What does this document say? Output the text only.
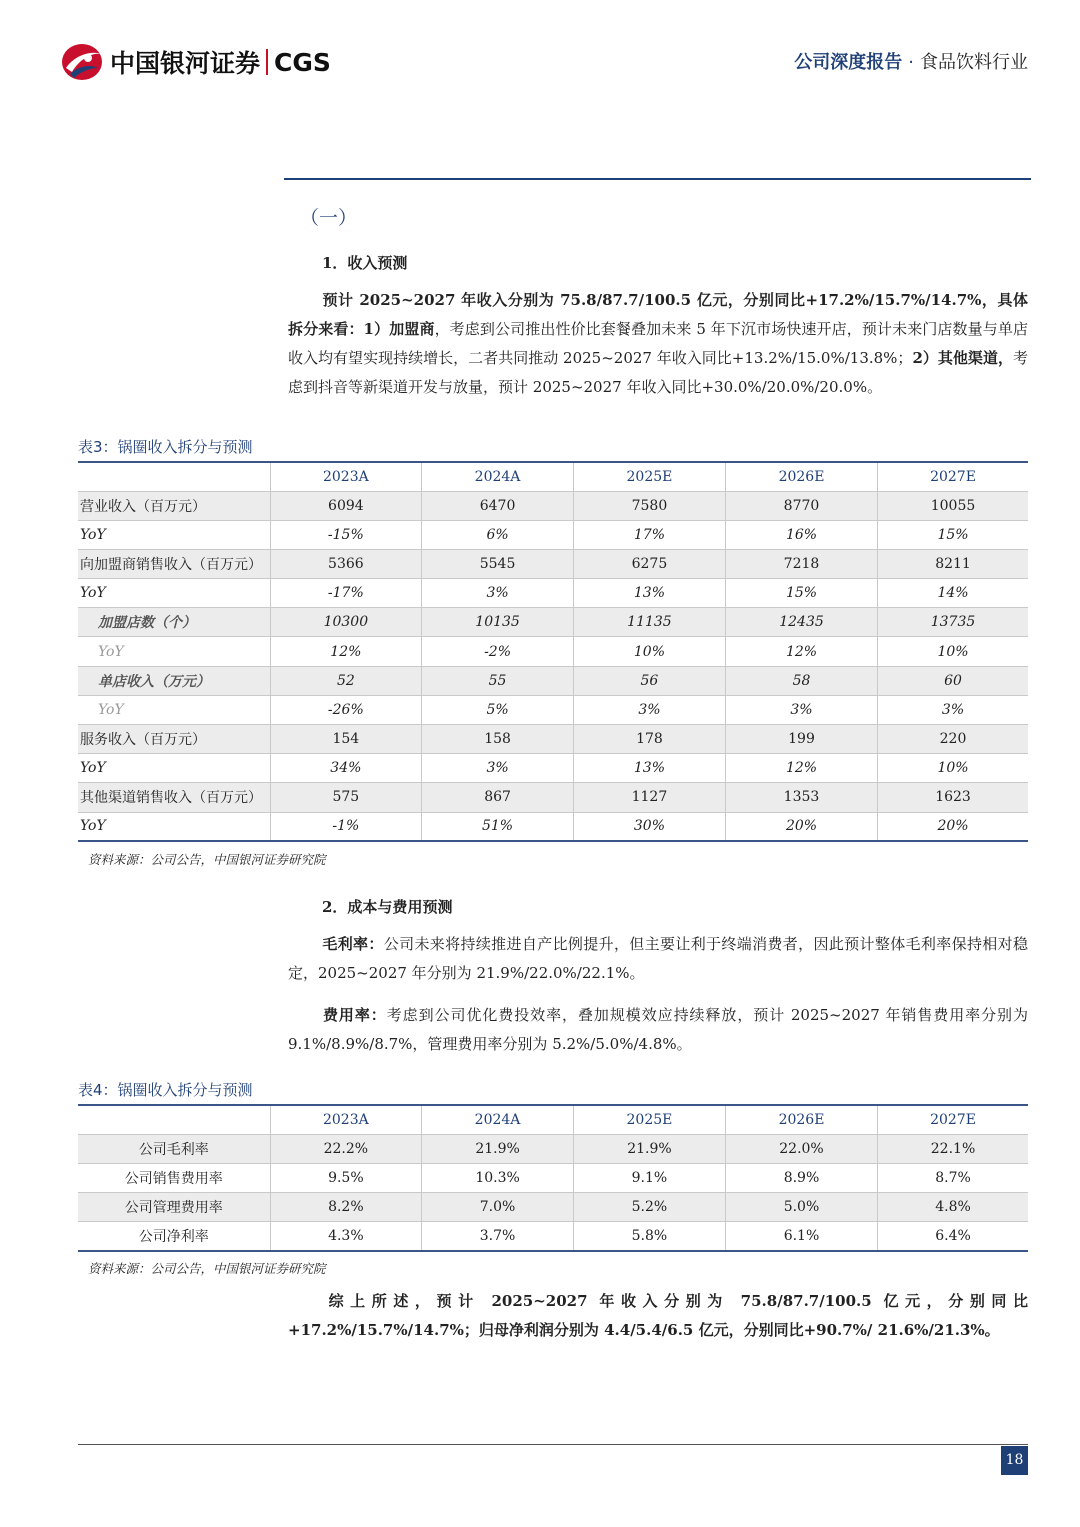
中国银河证券 CGS	公司深度报告 · 食品饮料行业
（一）
1．收入预测
预计 2025~2027 年收入分别为 75.8/87.7/100.5 亿元，分别同比+17.2%/15.7%/14.7%，具体拆分来看：1）加盟商，考虑到公司推出性价比套餐叠加未来 5 年下沉市场快速开店，预计未来门店数量与单店收入均有望实现持续增长，二者共同推动 2025~2027 年收入同比+13.2%/15.0%/13.8%；2）其他渠道，考虑到抖音等新渠道开发与放量，预计 2025~2027 年收入同比+30.0%/20.0%/20.0%。
表3：锅圈收入拆分与预测
	2023A	2024A	2025E	2026E	2027E
营业收入（百万元）	6094	6470	7580	8770	10055
YoY	-15%	6%	17%	16%	15%
向加盟商销售收入（百万元）	5366	5545	6275	7218	8211
YoY	-17%	3%	13%	15%	14%
加盟店数（个）	10300	10135	11135	12435	13735
YoY	12%	-2%	10%	12%	10%
单店收入（万元）	52	55	56	58	60
YoY	-26%	5%	3%	3%	3%
服务收入（百万元）	154	158	178	199	220
YoY	34%	3%	13%	12%	10%
其他渠道销售收入（百万元）	575	867	1127	1353	1623
YoY	-1%	51%	30%	20%	20%
资料来源：公司公告，中国银河证券研究院
2．成本与费用预测
毛利率：公司未来将持续推进自产比例提升，但主要让利于终端消费者，因此预计整体毛利率保持相对稳定，2025~2027 年分别为 21.9%/22.0%/22.1%。
费用率：考虑到公司优化费投效率，叠加规模效应持续释放，预计 2025~2027 年销售费用率分别为 9.1%/8.9%/8.7%，管理费用率分别为 5.2%/5.0%/4.8%。
表4：锅圈收入拆分与预测
	2023A	2024A	2025E	2026E	2027E
公司毛利率	22.2%	21.9%	21.9%	22.0%	22.1%
公司销售费用率	9.5%	10.3%	9.1%	8.9%	8.7%
公司管理费用率	8.2%	7.0%	5.2%	5.0%	4.8%
公司净利率	4.3%	3.7%	5.8%	6.1%	6.4%
资料来源：公司公告，中国银河证券研究院
综上所述，预计 2025~2027 年收入分别为 75.8/87.7/100.5 亿元，分别同比+17.2%/15.7%/14.7%；归母净利润分别为 4.4/5.4/6.5 亿元，分别同比+90.7%/ 21.6%/21.3%。
18
